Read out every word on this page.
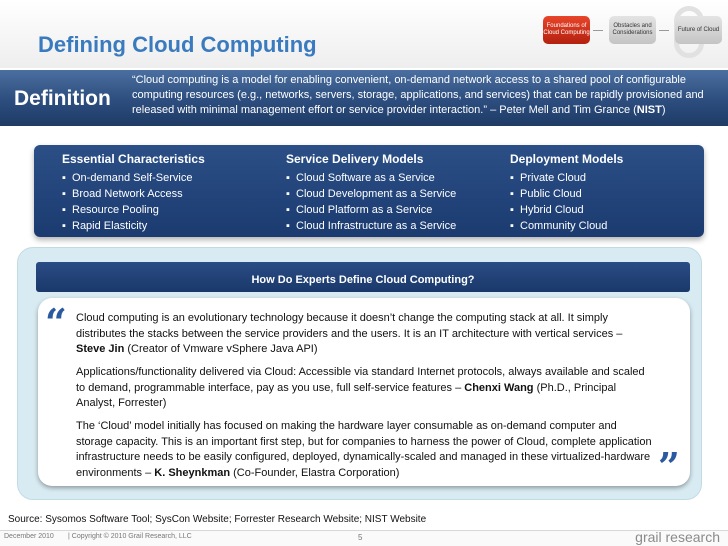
Defining Cloud Computing
Foundations of Cloud Computing
Obstacles and Considerations
Future of Cloud
Definition
“Cloud computing is a model for enabling convenient, on-demand network access to a shared pool of configurable computing resources (e.g., networks, servers, storage, applications, and services) that can be rapidly provisioned and released with minimal management effort or service provider interaction.” – Peter Mell and Tim Grance (NIST)
Essential Characteristics
▪ On-demand Self-Service
▪ Broad Network Access
▪ Resource Pooling
▪ Rapid Elasticity
Service Delivery Models
▪ Cloud Software as a Service
▪ Cloud Development as a Service
▪ Cloud Platform as a Service
▪ Cloud Infrastructure as a Service
Deployment Models
▪ Private Cloud
▪ Public Cloud
▪ Hybrid Cloud
▪ Community Cloud
How Do Experts Define Cloud Computing?
“ Cloud computing is an evolutionary technology because it doesn’t change the computing stack at all. It simply distributes the stacks between the service providers and the users. It is an IT architecture with vertical services – Steve Jin (Creator of Vmware vSphere Java API)
Applications/functionality delivered via Cloud: Accessible via standard Internet protocols, always available and scaled to demand, programmable interface, pay as you use, full self-service features – Chenxi Wang (Ph.D., Principal Analyst, Forrester)
The ‘Cloud’ model initially has focused on making the hardware layer consumable as on-demand computer and storage capacity. This is an important first step, but for companies to harness the power of Cloud, complete application infrastructure needs to be easily configured, deployed, dynamically-scaled and managed in these virtualized-hardware environments – K. Sheynkman (Co-Founder, Elastra Corporation)	”
Source: Sysomos Software Tool; SysCon Website; Forrester Research Website; NIST Website
December 2010 | Copyright © 2010 Grail Research, LLC	5	grail research
